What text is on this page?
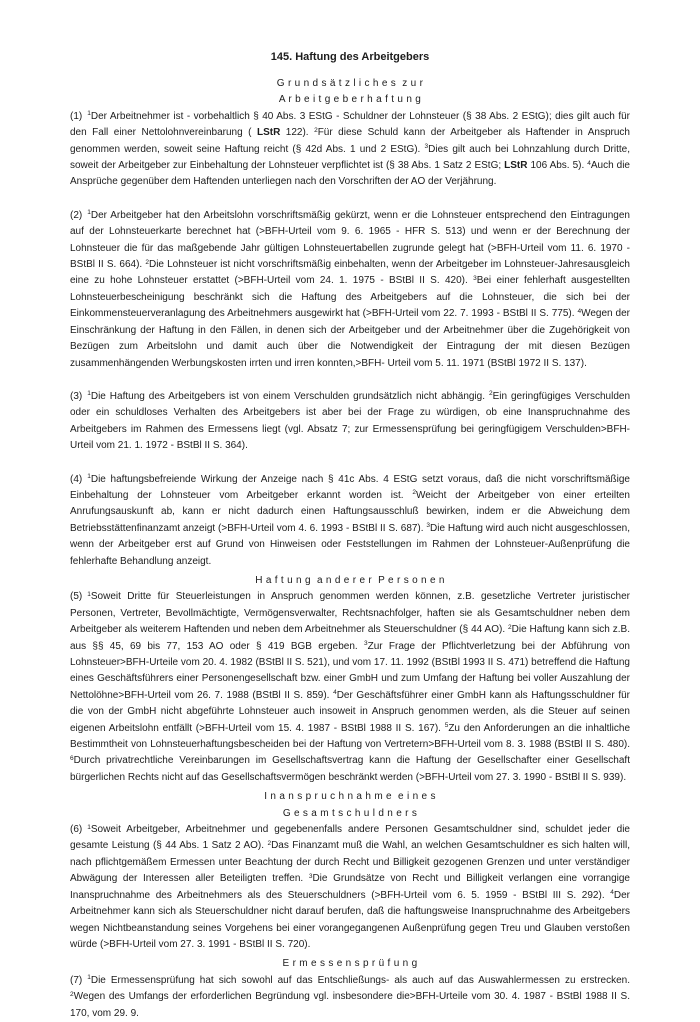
145. Haftung des Arbeitgebers
G r u n d s ä t z l i c h e s  z u r
A r b e i t g e b e r h a f t u n g

(1) $^1$Der Arbeitnehmer ist - vorbehaltlich § 40 Abs. 3 EStG - Schuldner der Lohnsteuer (§ 38 Abs. 2 EStG); dies gilt auch für den Fall einer Nettolohnvereinbarung ( LStR 122). $^2$Für diese Schuld kann der Arbeitgeber als Haftender in Anspruch genommen werden, soweit seine Haftung reicht (§ 42d Abs. 1 und 2 EStG). $^3$Dies gilt auch bei Lohnzahlung durch Dritte, soweit der Arbeitgeber zur Einbehaltung der Lohnsteuer verpflichtet ist (§ 38 Abs. 1 Satz 2 EStG; LStR 106 Abs. 5). $^4$Auch die Ansprüche gegenüber dem Haftenden unterliegen nach den Vorschriften der AO der Verjährung.

(2) $^1$Der Arbeitgeber hat den Arbeitslohn vorschriftsmäßig gekürzt, wenn er die Lohnsteuer entsprechend den Eintragungen auf der Lohnsteuerkarte berechnet hat (>BFH-Urteil vom 9. 6. 1965 - HFR S. 513) und wenn er der Berechnung der Lohnsteuer die für das maßgebende Jahr gültigen Lohnsteuertabellen zugrunde gelegt hat (>BFH-Urteil vom 11. 6. 1970 - BStBl II S. 664). $^2$Die Lohnsteuer ist nicht vorschriftsmäßig einbehalten, wenn der Arbeitgeber im Lohnsteuer-Jahresausgleich eine zu hohe Lohnsteuer erstattet (>BFH-Urteil vom 24. 1. 1975 - BStBl II S. 420). $^3$Bei einer fehlerhaft ausgestellten Lohnsteuerbescheinigung beschränkt sich die Haftung des Arbeitgebers auf die Lohnsteuer, die sich bei der Einkommensteuerveranlagung des Arbeitnehmers ausgewirkt hat (>BFH-Urteil vom 22. 7. 1993 - BStBl II S. 775). $^4$Wegen der Einschränkung der Haftung in den Fällen, in denen sich der Arbeitgeber und der Arbeitnehmer über die Zugehörigkeit von Bezügen zum Arbeitslohn und damit auch über die Notwendigkeit der Eintragung der mit diesen Bezügen zusammenhängenden Werbungskosten irrten und irren konnten,>BFH- Urteil vom 5. 11. 1971 (BStBl 1972 II S. 137).

(3) $^1$Die Haftung des Arbeitgebers ist von einem Verschulden grundsätzlich nicht abhängig. $^2$Ein geringfügiges Verschulden oder ein schuldloses Verhalten des Arbeitgebers ist aber bei der Frage zu würdigen, ob eine Inanspruchnahme des Arbeitgebers im Rahmen des Ermessens liegt (vgl. Absatz 7; zur Ermessensprüfung bei geringfügigem Verschulden>BFH-Urteil vom 21. 1. 1972 - BStBl II S. 364).

(4) $^1$Die haftungsbefreiende Wirkung der Anzeige nach § 41c Abs. 4 EStG setzt voraus, daß die nicht vorschriftsmäßige Einbehaltung der Lohnsteuer vom Arbeitgeber erkannt worden ist. $^2$Weicht der Arbeitgeber von einer erteilten Anrufungsauskunft ab, kann er nicht dadurch einen Haftungsausschluß bewirken, indem er die Abweichung dem Betriebsstättenfinanzamt anzeigt (>BFH-Urteil vom 4. 6. 1993 - BStBl II S. 687). $^3$Die Haftung wird auch nicht ausgeschlossen, wenn der Arbeitgeber erst auf Grund von Hinweisen oder Feststellungen im Rahmen der Lohnsteuer-Außenprüfung die fehlerhafte Behandlung anzeigt.

H a f t u n g  a n d e r e r  P e r s o n e n

(5) $^1$Soweit Dritte für Steuerleistungen in Anspruch genommen werden können, z.B. gesetzliche Vertreter juristischer Personen, Vertreter, Bevollmächtigte, Vermögensverwalter, Rechtsnachfolger, haften sie als Gesamtschuldner neben dem Arbeitgeber als weiterem Haftenden und neben dem Arbeitnehmer als Steuerschuldner (§ 44 AO). $^2$Die Haftung kann sich z.B. aus §§ 45, 69 bis 77, 153 AO oder § 419 BGB ergeben. $^3$Zur Frage der Pflichtverletzung bei der Abführung von Lohnsteuer>BFH-Urteile vom 20. 4. 1982 (BStBl II S. 521), und vom 17. 11. 1992 (BStBl 1993 II S. 471) betreffend die Haftung eines Geschäftsführers einer Personengesellschaft bzw. einer GmbH und zum Umfang der Haftung bei voller Auszahlung der Nettolöhne>BFH-Urteil vom 26. 7. 1988 (BStBl II S. 859). $^4$Der Geschäftsführer einer GmbH kann als Haftungsschuldner für die von der GmbH nicht abgeführte Lohnsteuer auch insoweit in Anspruch genommen werden, als die Steuer auf seinen eigenen Arbeitslohn entfällt (>BFH-Urteil vom 15. 4. 1987 - BStBl 1988 II S. 167). $^5$Zu den Anforderungen an die inhaltliche Bestimmtheit von Lohnsteuerhaftungsbescheiden bei der Haftung von Vertretern>BFH-Urteil vom 8. 3. 1988 (BStBl II S. 480). $^6$Durch privatrechtliche Vereinbarungen im Gesellschaftsvertrag kann die Haftung der Gesellschafter einer Gesellschaft bürgerlichen Rechts nicht auf das Gesellschaftsvermögen beschränkt werden (>BFH-Urteil vom 27. 3. 1990 - BStBl II S. 939).

I n a n s p r u c h n a h m e  e i n e s
G e s a m t s c h u l d n e r s

(6) $^1$Soweit Arbeitgeber, Arbeitnehmer und gegebenenfalls andere Personen Gesamtschuldner sind, schuldet jeder die gesamte Leistung (§ 44 Abs. 1 Satz 2 AO). $^2$Das Finanzamt muß die Wahl, an welchen Gesamtschuldner es sich halten will, nach pflichtgemäßem Ermessen unter Beachtung der durch Recht und Billigkeit gezogenen Grenzen und unter verständiger Abwägung der Interessen aller Beteiligten treffen. $^3$Die Grundsätze von Recht und Billigkeit verlangen eine vorrangige Inanspruchnahme des Arbeitnehmers als des Steuerschuldners (>BFH-Urteil vom 6. 5. 1959 - BStBl III S. 292). $^4$Der Arbeitnehmer kann sich als Steuerschuldner nicht darauf berufen, daß die haftungsweise Inanspruchnahme des Arbeitgebers wegen Nichtbeanstandung seines Vorgehens bei einer vorangegangenen Außenprüfung gegen Treu und Glauben verstoßen würde (>BFH-Urteil vom 27. 3. 1991 - BStBl II S. 720).

E r m e s s e n s p r ü f u n g

(7) $^1$Die Ermessensprüfung hat sich sowohl auf das Entschließungs- als auch auf das Auswahlermessen zu erstrecken. $^2$Wegen des Umfangs der erforderlichen Begründung vgl. insbesondere die>BFH-Urteile vom 30. 4. 1987 - BStBl 1988 II S. 170, vom 29. 9.
